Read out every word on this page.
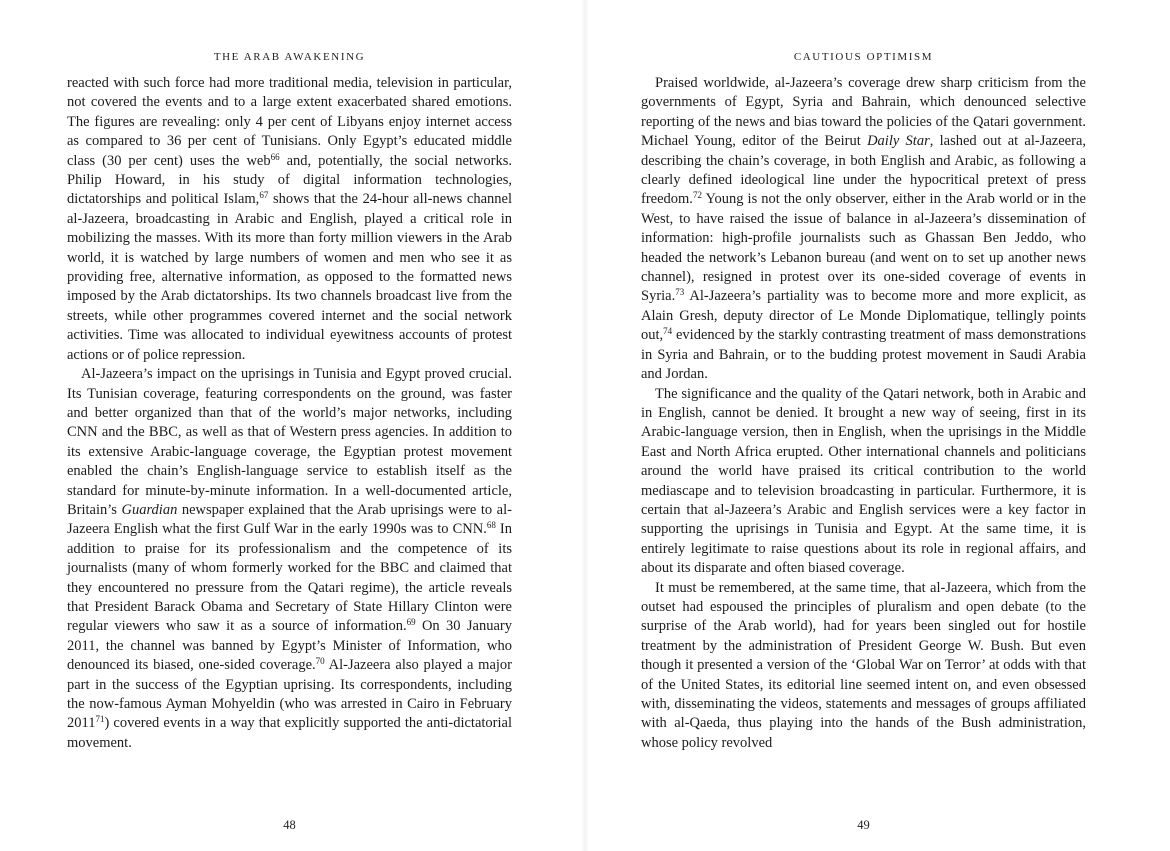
THE ARAB AWAKENING

reacted with such force had more traditional media, television in particular, not covered the events and to a large extent exacerbated shared emotions. The figures are revealing: only 4 per cent of Libyans enjoy internet access as compared to 36 per cent of Tunisians. Only Egypt’s educated middle class (30 per cent) uses the web$^{66}$ and, potentially, the social networks. Philip Howard, in his study of digital information technologies, dictatorships and political Islam,$^{67}$ shows that the 24-hour all-news channel al-Jazeera, broadcasting in Arabic and English, played a critical role in mobilizing the masses. With its more than forty million viewers in the Arab world, it is watched by large numbers of women and men who see it as providing free, alternative information, as opposed to the formatted news imposed by the Arab dictatorships. Its two channels broadcast live from the streets, while other programmes covered internet and the social network activities. Time was allocated to individual eyewitness accounts of protest actions or of police repression.

Al-Jazeera’s impact on the uprisings in Tunisia and Egypt proved crucial. Its Tunisian coverage, featuring correspondents on the ground, was faster and better organized than that of the world’s major networks, including CNN and the BBC, as well as that of Western press agencies. In addition to its extensive Arabic-language coverage, the Egyptian protest movement enabled the chain’s English-language service to establish itself as the standard for minute-by-minute information. In a well-documented article, Britain’s Guardian newspaper explained that the Arab uprisings were to al-Jazeera English what the first Gulf War in the early 1990s was to CNN.$^{68}$ In addition to praise for its professionalism and the competence of its journalists (many of whom formerly worked for the BBC and claimed that they encountered no pressure from the Qatari regime), the article reveals that President Barack Obama and Secretary of State Hillary Clinton were regular viewers who saw it as a source of information.$^{69}$ On 30 January 2011, the channel was banned by Egypt’s Minister of Information, who denounced its biased, one-sided coverage.$^{70}$ Al-Jazeera also played a major part in the success of the Egyptian uprising. Its correspondents, including the now-famous Ayman Mohyeldin (who was arrested in Cairo in February 2011$^{71}$) covered events in a way that explicitly supported the anti-dictatorial movement.

48
CAUTIOUS OPTIMISM

Praised worldwide, al-Jazeera’s coverage drew sharp criticism from the governments of Egypt, Syria and Bahrain, which denounced selective reporting of the news and bias toward the policies of the Qatari government. Michael Young, editor of the Beirut Daily Star, lashed out at al-Jazeera, describing the chain’s coverage, in both English and Arabic, as following a clearly defined ideological line under the hypocritical pretext of press freedom.$^{72}$ Young is not the only observer, either in the Arab world or in the West, to have raised the issue of balance in al-Jazeera’s dissemination of information: high-profile journalists such as Ghassan Ben Jeddo, who headed the network’s Lebanon bureau (and went on to set up another news channel), resigned in protest over its one-sided coverage of events in Syria.$^{73}$ Al-Jazeera’s partiality was to become more and more explicit, as Alain Gresh, deputy director of Le Monde Diplomatique, tellingly points out,$^{74}$ evidenced by the starkly contrasting treatment of mass demonstrations in Syria and Bahrain, or to the budding protest movement in Saudi Arabia and Jordan.

The significance and the quality of the Qatari network, both in Arabic and in English, cannot be denied. It brought a new way of seeing, first in its Arabic-language version, then in English, when the uprisings in the Middle East and North Africa erupted. Other international channels and politicians around the world have praised its critical contribution to the world mediascape and to television broadcasting in particular. Furthermore, it is certain that al-Jazeera’s Arabic and English services were a key factor in supporting the uprisings in Tunisia and Egypt. At the same time, it is entirely legitimate to raise questions about its role in regional affairs, and about its disparate and often biased coverage.

It must be remembered, at the same time, that al-Jazeera, which from the outset had espoused the principles of pluralism and open debate (to the surprise of the Arab world), had for years been singled out for hostile treatment by the administration of President George W. Bush. But even though it presented a version of the ‘Global War on Terror’ at odds with that of the United States, its editorial line seemed intent on, and even obsessed with, disseminating the videos, statements and messages of groups affiliated with al-Qaeda, thus playing into the hands of the Bush administration, whose policy revolved

49
